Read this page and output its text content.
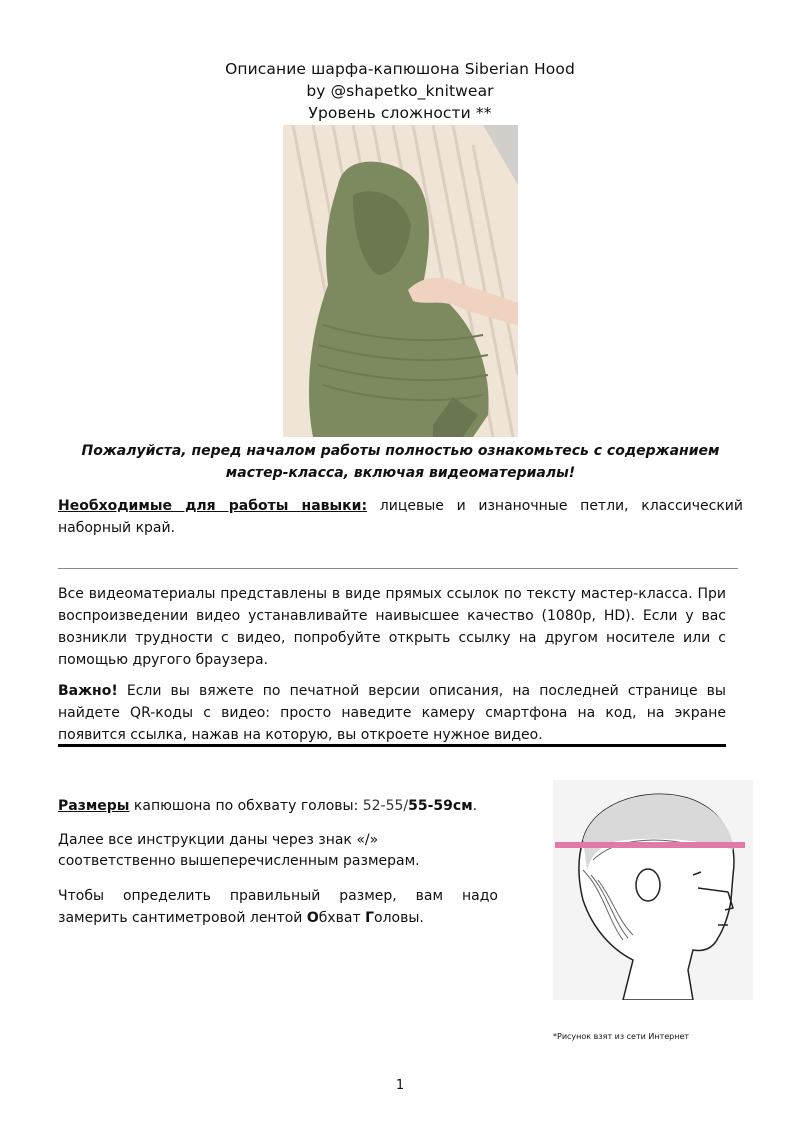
Описание шарфа-капюшона Siberian Hood
by @shapetko_knitwear
Уровень сложности **
Пожалуйста, перед началом работы полностью ознакомьтесь с содержанием мастер-класса, включая видеоматериалы!
Необходимые для работы навыки: лицевые и изнаночные петли, классический наборный край.
Все видеоматериалы представлены в виде прямых ссылок по тексту мастер-класса. При воспроизведении видео устанавливайте наивысшее качество (1080p, HD). Если у вас возникли трудности с видео, попробуйте открыть ссылку на другом носителе или с помощью другого браузера.
Важно! Если вы вяжете по печатной версии описания, на последней странице вы найдете QR-коды с видео: просто наведите камеру смартфона на код, на экране появится ссылка, нажав на которую, вы откроете нужное видео.
Размеры капюшона по обхвату головы: 52-55/55-59см.
Далее все инструкции даны через знак «/» соответственно вышеперечисленным размерам.
Чтобы определить правильный размер, вам надо замерить сантиметровой лентой Обхват Головы.
*Рисунок взят из сети Интернет
1
